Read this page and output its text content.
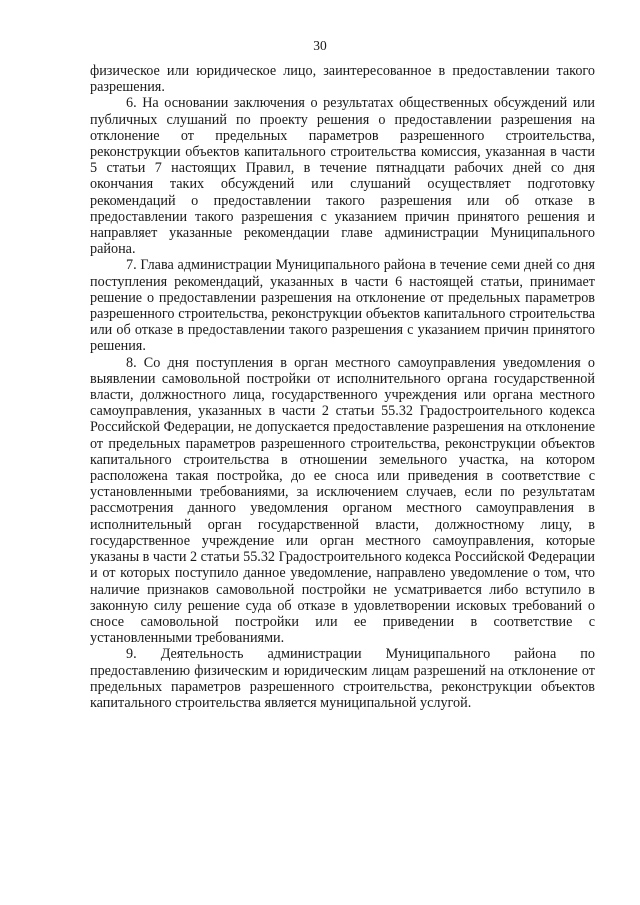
30

физическое или юридическое лицо, заинтересованное в предоставлении такого разрешения.

6. На основании заключения о результатах общественных обсуждений или публичных слушаний по проекту решения о предоставлении разрешения на отклонение от предельных параметров разрешенного строительства, реконструкции объектов капитального строительства комиссия, указанная в части 5 статьи 7 настоящих Правил, в течение пятнадцати рабочих дней со дня окончания таких обсуждений или слушаний осуществляет подготовку рекомендаций о предоставлении такого разрешения или об отказе в предоставлении такого разрешения с указанием причин принятого решения и направляет указанные рекомендации главе администрации Муниципального района.

7. Глава администрации Муниципального района в течение семи дней со дня поступления рекомендаций, указанных в части 6 настоящей статьи, принимает решение о предоставлении разрешения на отклонение от предельных параметров разрешенного строительства, реконструкции объектов капитального строительства или об отказе в предоставлении такого разрешения с указанием причин принятого решения.

8. Со дня поступления в орган местного самоуправления уведомления о выявлении самовольной постройки от исполнительного органа государственной власти, должностного лица, государственного учреждения или органа местного самоуправления, указанных в части 2 статьи 55.32 Градостроительного кодекса Российской Федерации, не допускается предоставление разрешения на отклонение от предельных параметров разрешенного строительства, реконструкции объектов капитального строительства в отношении земельного участка, на котором расположена такая постройка, до ее сноса или приведения в соответствие с установленными требованиями, за исключением случаев, если по результатам рассмотрения данного уведомления органом местного самоуправления в исполнительный орган государственной власти, должностному лицу, в государственное учреждение или орган местного самоуправления, которые указаны в части 2 статьи 55.32 Градостроительного кодекса Российской Федерации и от которых поступило данное уведомление, направлено уведомление о том, что наличие признаков самовольной постройки не усматривается либо вступило в законную силу решение суда об отказе в удовлетворении исковых требований о сносе самовольной постройки или ее приведении в соответствие с установленными требованиями.

9. Деятельность администрации Муниципального района по предоставлению физическим и юридическим лицам разрешений на отклонение от предельных параметров разрешенного строительства, реконструкции объектов капитального строительства является муниципальной услугой.
